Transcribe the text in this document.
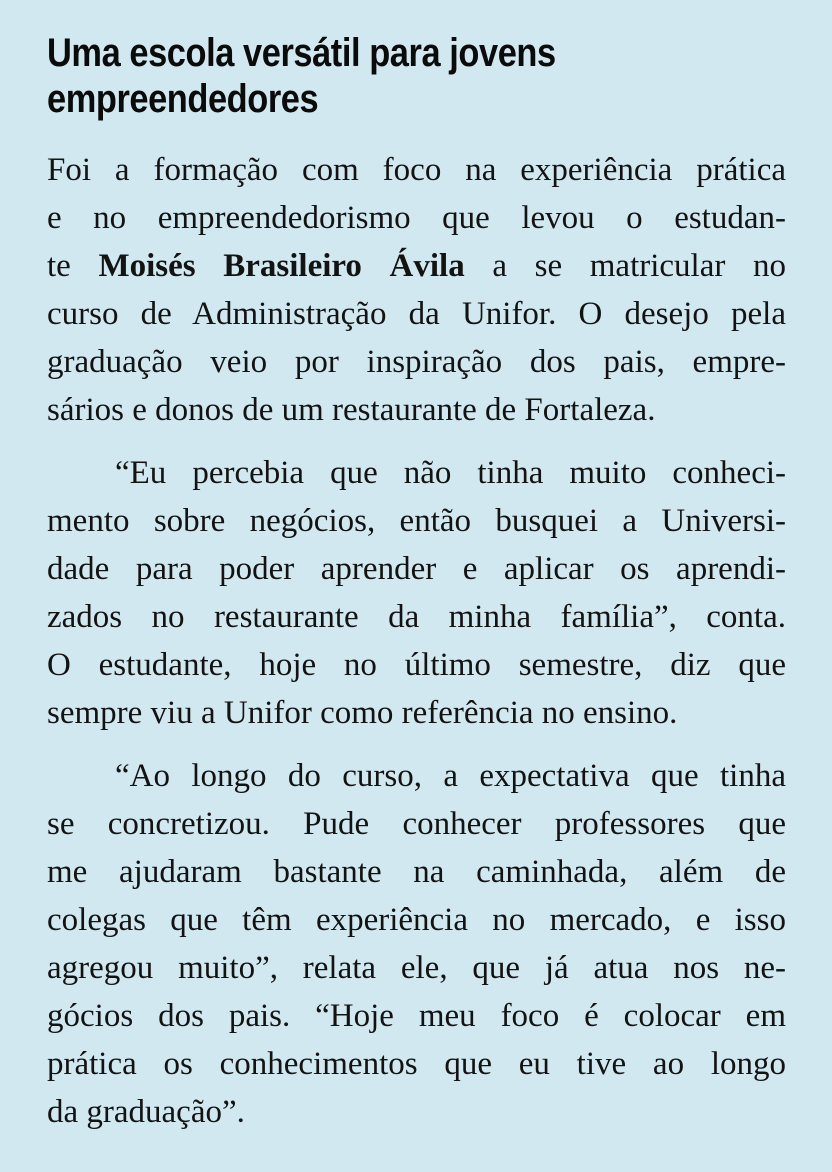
Uma escola versátil para jovens
empreendedores
Foi a formação com foco na experiência prática
e no empreendedorismo que levou o estudan-
te Moisés Brasileiro Ávila a se matricular no
curso de Administração da Unifor. O desejo pela
graduação veio por inspiração dos pais, empre-
sários e donos de um restaurante de Fortaleza.
“Eu percebia que não tinha muito conheci-
mento sobre negócios, então busquei a Universi-
dade para poder aprender e aplicar os aprendi-
zados no restaurante da minha família”, conta.
O estudante, hoje no último semestre, diz que
sempre viu a Unifor como referência no ensino.
“Ao longo do curso, a expectativa que tinha
se concretizou. Pude conhecer professores que
me ajudaram bastante na caminhada, além de
colegas que têm experiência no mercado, e isso
agregou muito”, relata ele, que já atua nos ne-
gócios dos pais. “Hoje meu foco é colocar em
prática os conhecimentos que eu tive ao longo
da graduação”.
